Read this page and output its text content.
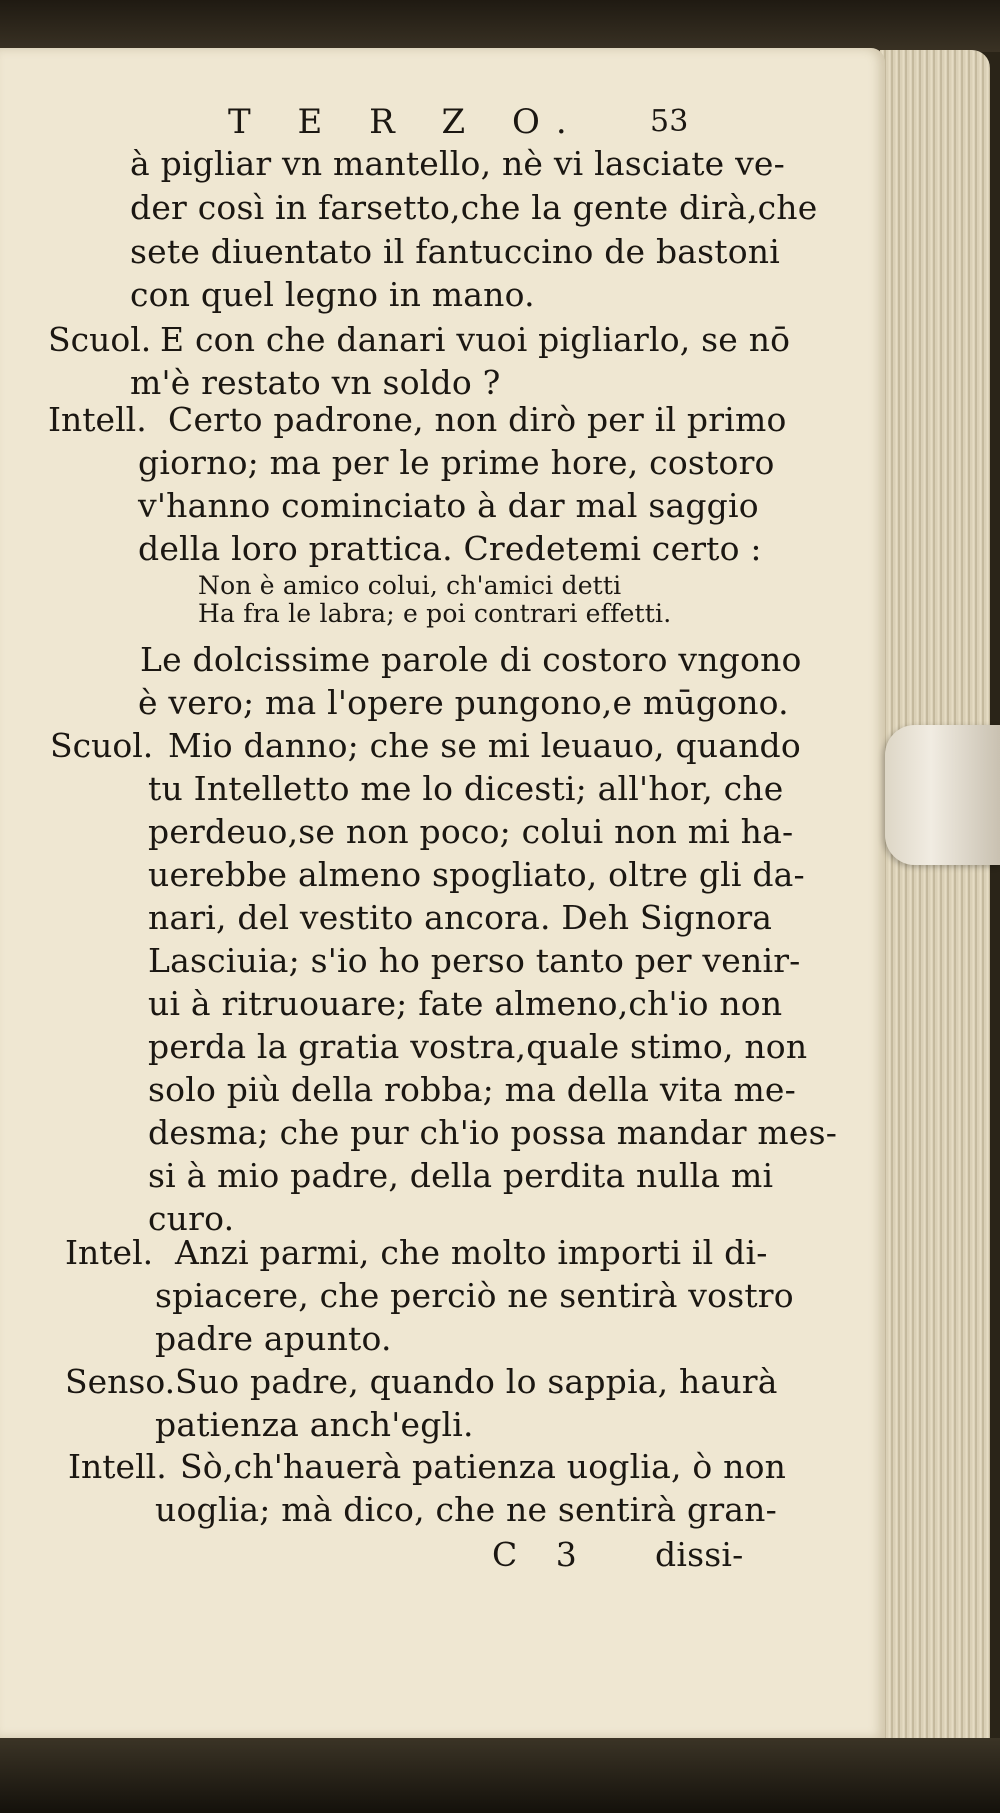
T E R Z O. 53
à pigliar vn mantello, nè vi lasciate ve-
der così in farsetto,che la gente dirà,che
sete diuentato il fantuccino de bastoni
con quel legno in mano.
Scuol. E con che danari vuoi pigliarlo, se nō
m'è restato vn soldo ?
Intell. Certo padrone, non dirò per il primo
giorno; ma per le prime hore, costoro
v'hanno cominciato à dar mal saggio
della loro prattica. Credetemi certo :
Non è amico colui, ch'amici detti
Ha fra le labra; e poi contrari effetti.
Le dolcissime parole di costoro vngono
è vero; ma l'opere pungono,e mūgono.
Scuol. Mio danno; che se mi leuauo, quando
tu Intelletto me lo dicesti; all'hor, che
perdeuo,se non poco; colui non mi ha-
uerebbe almeno spogliato, oltre gli da-
nari, del vestito ancora. Deh Signora
Lasciuia; s'io ho perso tanto per venir-
ui à ritruouare; fate almeno,ch'io non
perda la gratia vostra,quale stimo, non
solo più della robba; ma della vita me-
desma; che pur ch'io possa mandar mes-
si à mio padre, della perdita nulla mi
curo.
Intel. Anzi parmi, che molto importi il di-
spiacere, che perciò ne sentirà vostro
padre apunto.
Senso. Suo padre, quando lo sappia, haurà
patienza anch'egli.
Intell. Sò,ch'hauerà patienza uoglia, ò non
uoglia; mà dico, che ne sentirà gran-
C 3 dissi-
